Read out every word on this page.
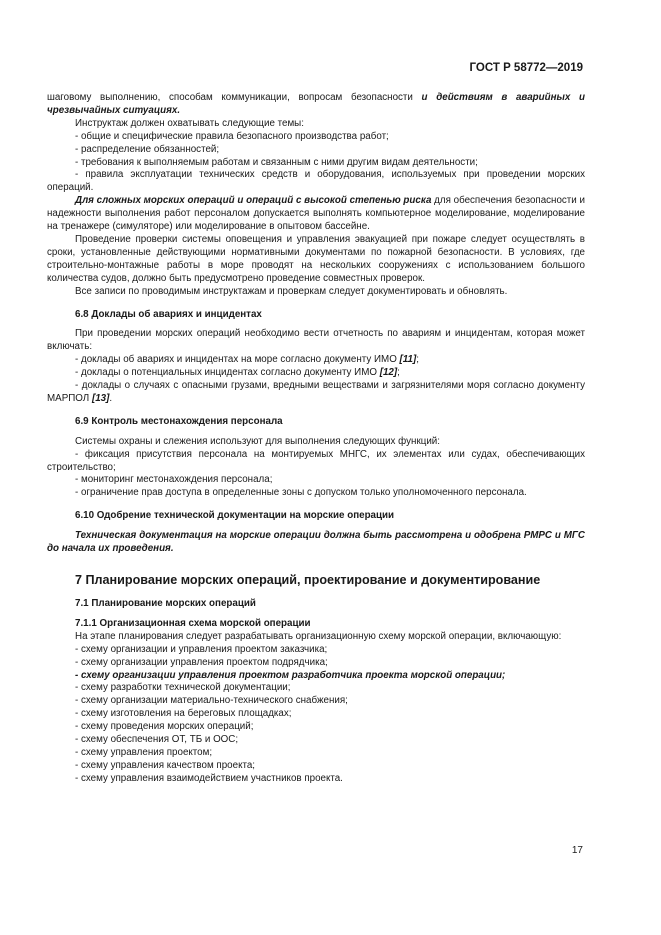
ГОСТ Р 58772—2019

шаговому выполнению, способам коммуникации, вопросам безопасности и действиям в аварийных и чрезвычайных ситуациях.

Инструктаж должен охватывать следующие темы:

- общие и специфические правила безопасного производства работ;

- распределение обязанностей;

- требования к выполняемым работам и связанным с ними другим видам деятельности;

- правила эксплуатации технических средств и оборудования, используемых при проведении морских операций.

Для сложных морских операций и операций с высокой степенью риска для обеспечения безопасности и надежности выполнения работ персоналом допускается выполнять компьютерное моделирование, моделирование на тренажере (симуляторе) или моделирование в опытовом бассейне.

Проведение проверки системы оповещения и управления эвакуацией при пожаре следует осуществлять в сроки, установленные действующими нормативными документами по пожарной безопасности. В условиях, где строительно-монтажные работы в море проводят на нескольких сооружениях с использованием большого количества судов, должно быть предусмотрено проведение совместных проверок.

Все записи по проводимым инструктажам и проверкам следует документировать и обновлять.

6.8 Доклады об авариях и инцидентах

При проведении морских операций необходимо вести отчетность по авариям и инцидентам, которая может включать:

- доклады об авариях и инцидентах на море согласно документу ИМО [11];

- доклады о потенциальных инцидентах согласно документу ИМО [12];

- доклады о случаях с опасными грузами, вредными веществами и загрязнителями моря согласно документу МАРПОЛ [13].

6.9 Контроль местонахождения персонала

Системы охраны и слежения используют для выполнения следующих функций:

- фиксация присутствия персонала на монтируемых МНГС, их элементах или судах, обеспечивающих строительство;

- мониторинг местонахождения персонала;

- ограничение прав доступа в определенные зоны с допуском только уполномоченного персонала.

6.10 Одобрение технической документации на морские операции

Техническая документация на морские операции должна быть рассмотрена и одобрена РМРС и МГС до начала их проведения.

7 Планирование морских операций, проектирование и документирование

7.1 Планирование морских операций

7.1.1 Организационная схема морской операции

На этапе планирования следует разрабатывать организационную схему морской операции, включающую:

- схему организации и управления проектом заказчика;

- схему организации управления проектом подрядчика;

- схему организации управления проектом разработчика проекта морской операции;

- схему разработки технической документации;

- схему организации материально-технического снабжения;

- схему изготовления на береговых площадках;

- схему проведения морских операций;

- схему обеспечения ОТ, ТБ и ООС;

- схему управления проектом;

- схему управления качеством проекта;

- схему управления взаимодействием участников проекта.

17
